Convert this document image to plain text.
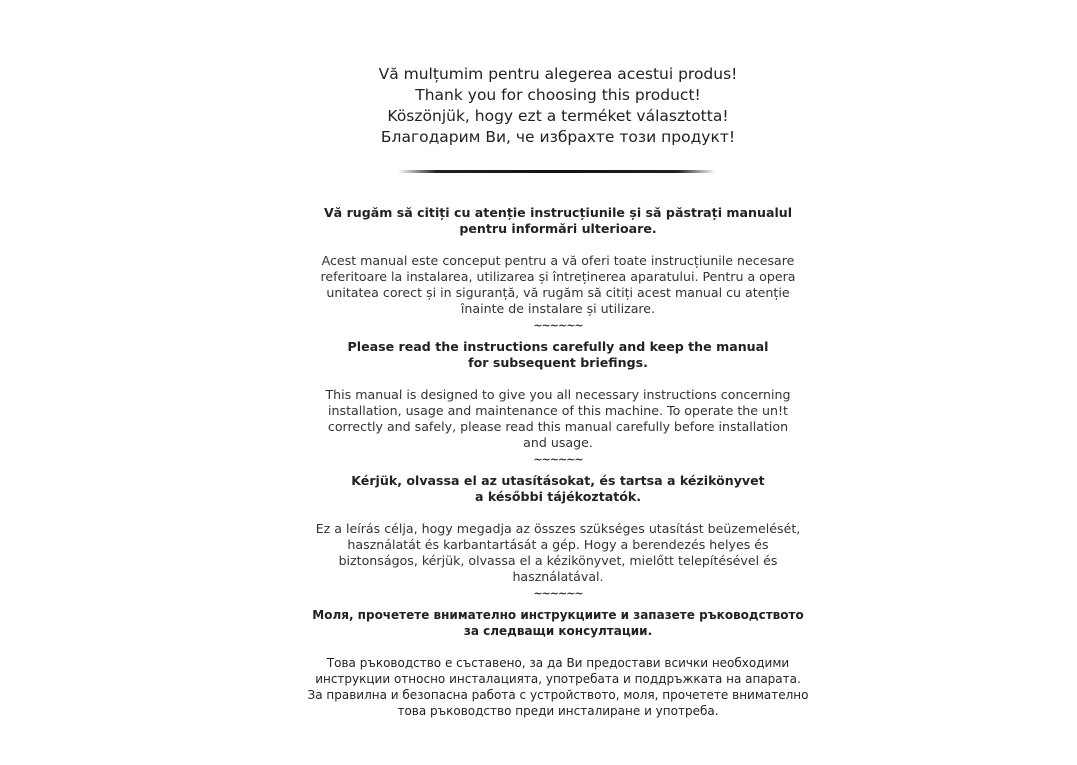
Vă mulțumim pentru alegerea acestui produs!
Thank you for choosing this product!
Köszönjük, hogy ezt a terméket választotta!
Благодарим Ви, че избрахте този продукт!
Vă rugăm să citiți cu atenție instrucțiunile și să păstrați manualul
pentru informări ulterioare.
Acest manual este conceput pentru a vă oferi toate instrucțiunile necesare
referitoare la instalarea, utilizarea și întreținerea aparatului. Pentru a opera
unitatea corect și in siguranță, vă rugăm să citiți acest manual cu atenție
înainte de instalare și utilizare.
~~~~~~
Please read the instructions carefully and keep the manual
for subsequent briefings.
This manual is designed to give you all necessary instructions concerning
installation, usage and maintenance of this machine. To operate the un!t
correctly and safely, please read this manual carefully before installation
and usage.
~~~~~~
Kérjük, olvassa el az utasításokat, és tartsa a kézikönyvet
a későbbi tájékoztatók.
Ez a leírás célja, hogy megadja az összes szükséges utasítást beüzemelését,
használatát és karbantartását a gép. Hogy a berendezés helyes és
biztonságos, kérjük, olvassa el a kézikönyvet, mielőtt telepítésével és
használatával.
~~~~~~
Моля, прочетете внимателно инструкциите и запазете ръководството
за следващи консултации.
Това ръководство е съставено, за да Ви предостави всички необходими
инструкции относно инсталацията, употребата и поддръжката на апарата.
За правилна и безопасна работа с устройството, моля, прочетете внимателно
това ръководство преди инсталиране и употреба.
